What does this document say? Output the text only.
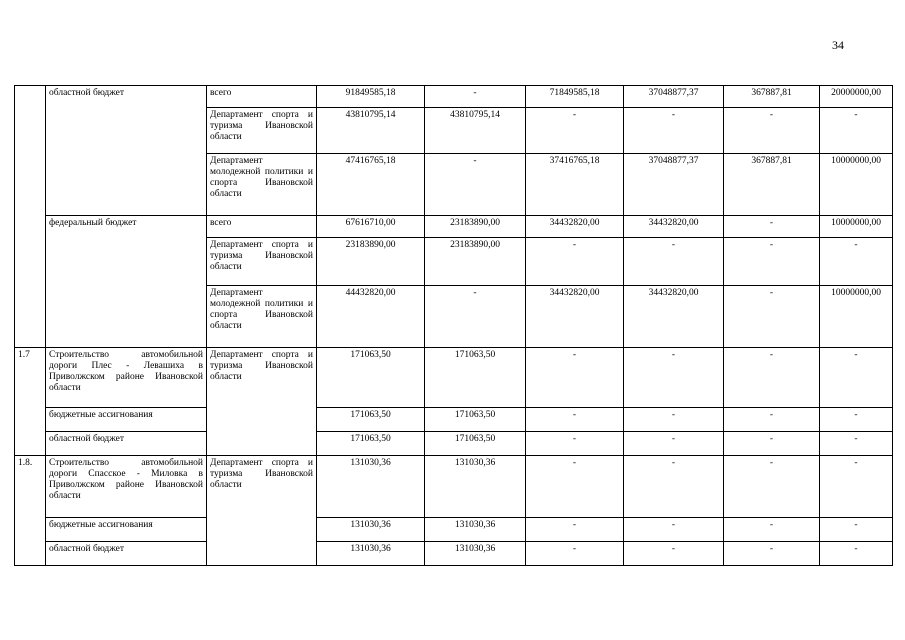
34
	областной бюджет	всего	91849585,18	-	71849585,18	37048877,37	367887,81	20000000,00
		Департамент спорта и туризма Ивановской области	43810795,14	43810795,14	-	-	-	-
		Департамент молодежной политики и спорта Ивановской области	47416765,18	-	37416765,18	37048877,37	367887,81	10000000,00
	федеральный бюджет	всего	67616710,00	23183890,00	34432820,00	34432820,00	-	10000000,00
		Департамент спорта и туризма Ивановской области	23183890,00	23183890,00	-	-	-	-
		Департамент молодежной политики и спорта Ивановской области	44432820,00	-	34432820,00	34432820,00	-	10000000,00
1.7	Строительство автомобильной дороги Плес - Левашиха в Приволжском районе Ивановской области	Департамент спорта и туризма Ивановской области	171063,50	171063,50	-	-	-	-
	бюджетные ассигнования		171063,50	171063,50	-	-	-	-
	областной бюджет		171063,50	171063,50	-	-	-	-
1.8.	Строительство автомобильной дороги Спасское - Миловка в Приволжском районе Ивановской области	Департамент спорта и туризма Ивановской области	131030,36	131030,36	-	-	-	-
	бюджетные ассигнования		131030,36	131030,36	-	-	-	-
	областной бюджет		131030,36	131030,36	-	-	-	-
